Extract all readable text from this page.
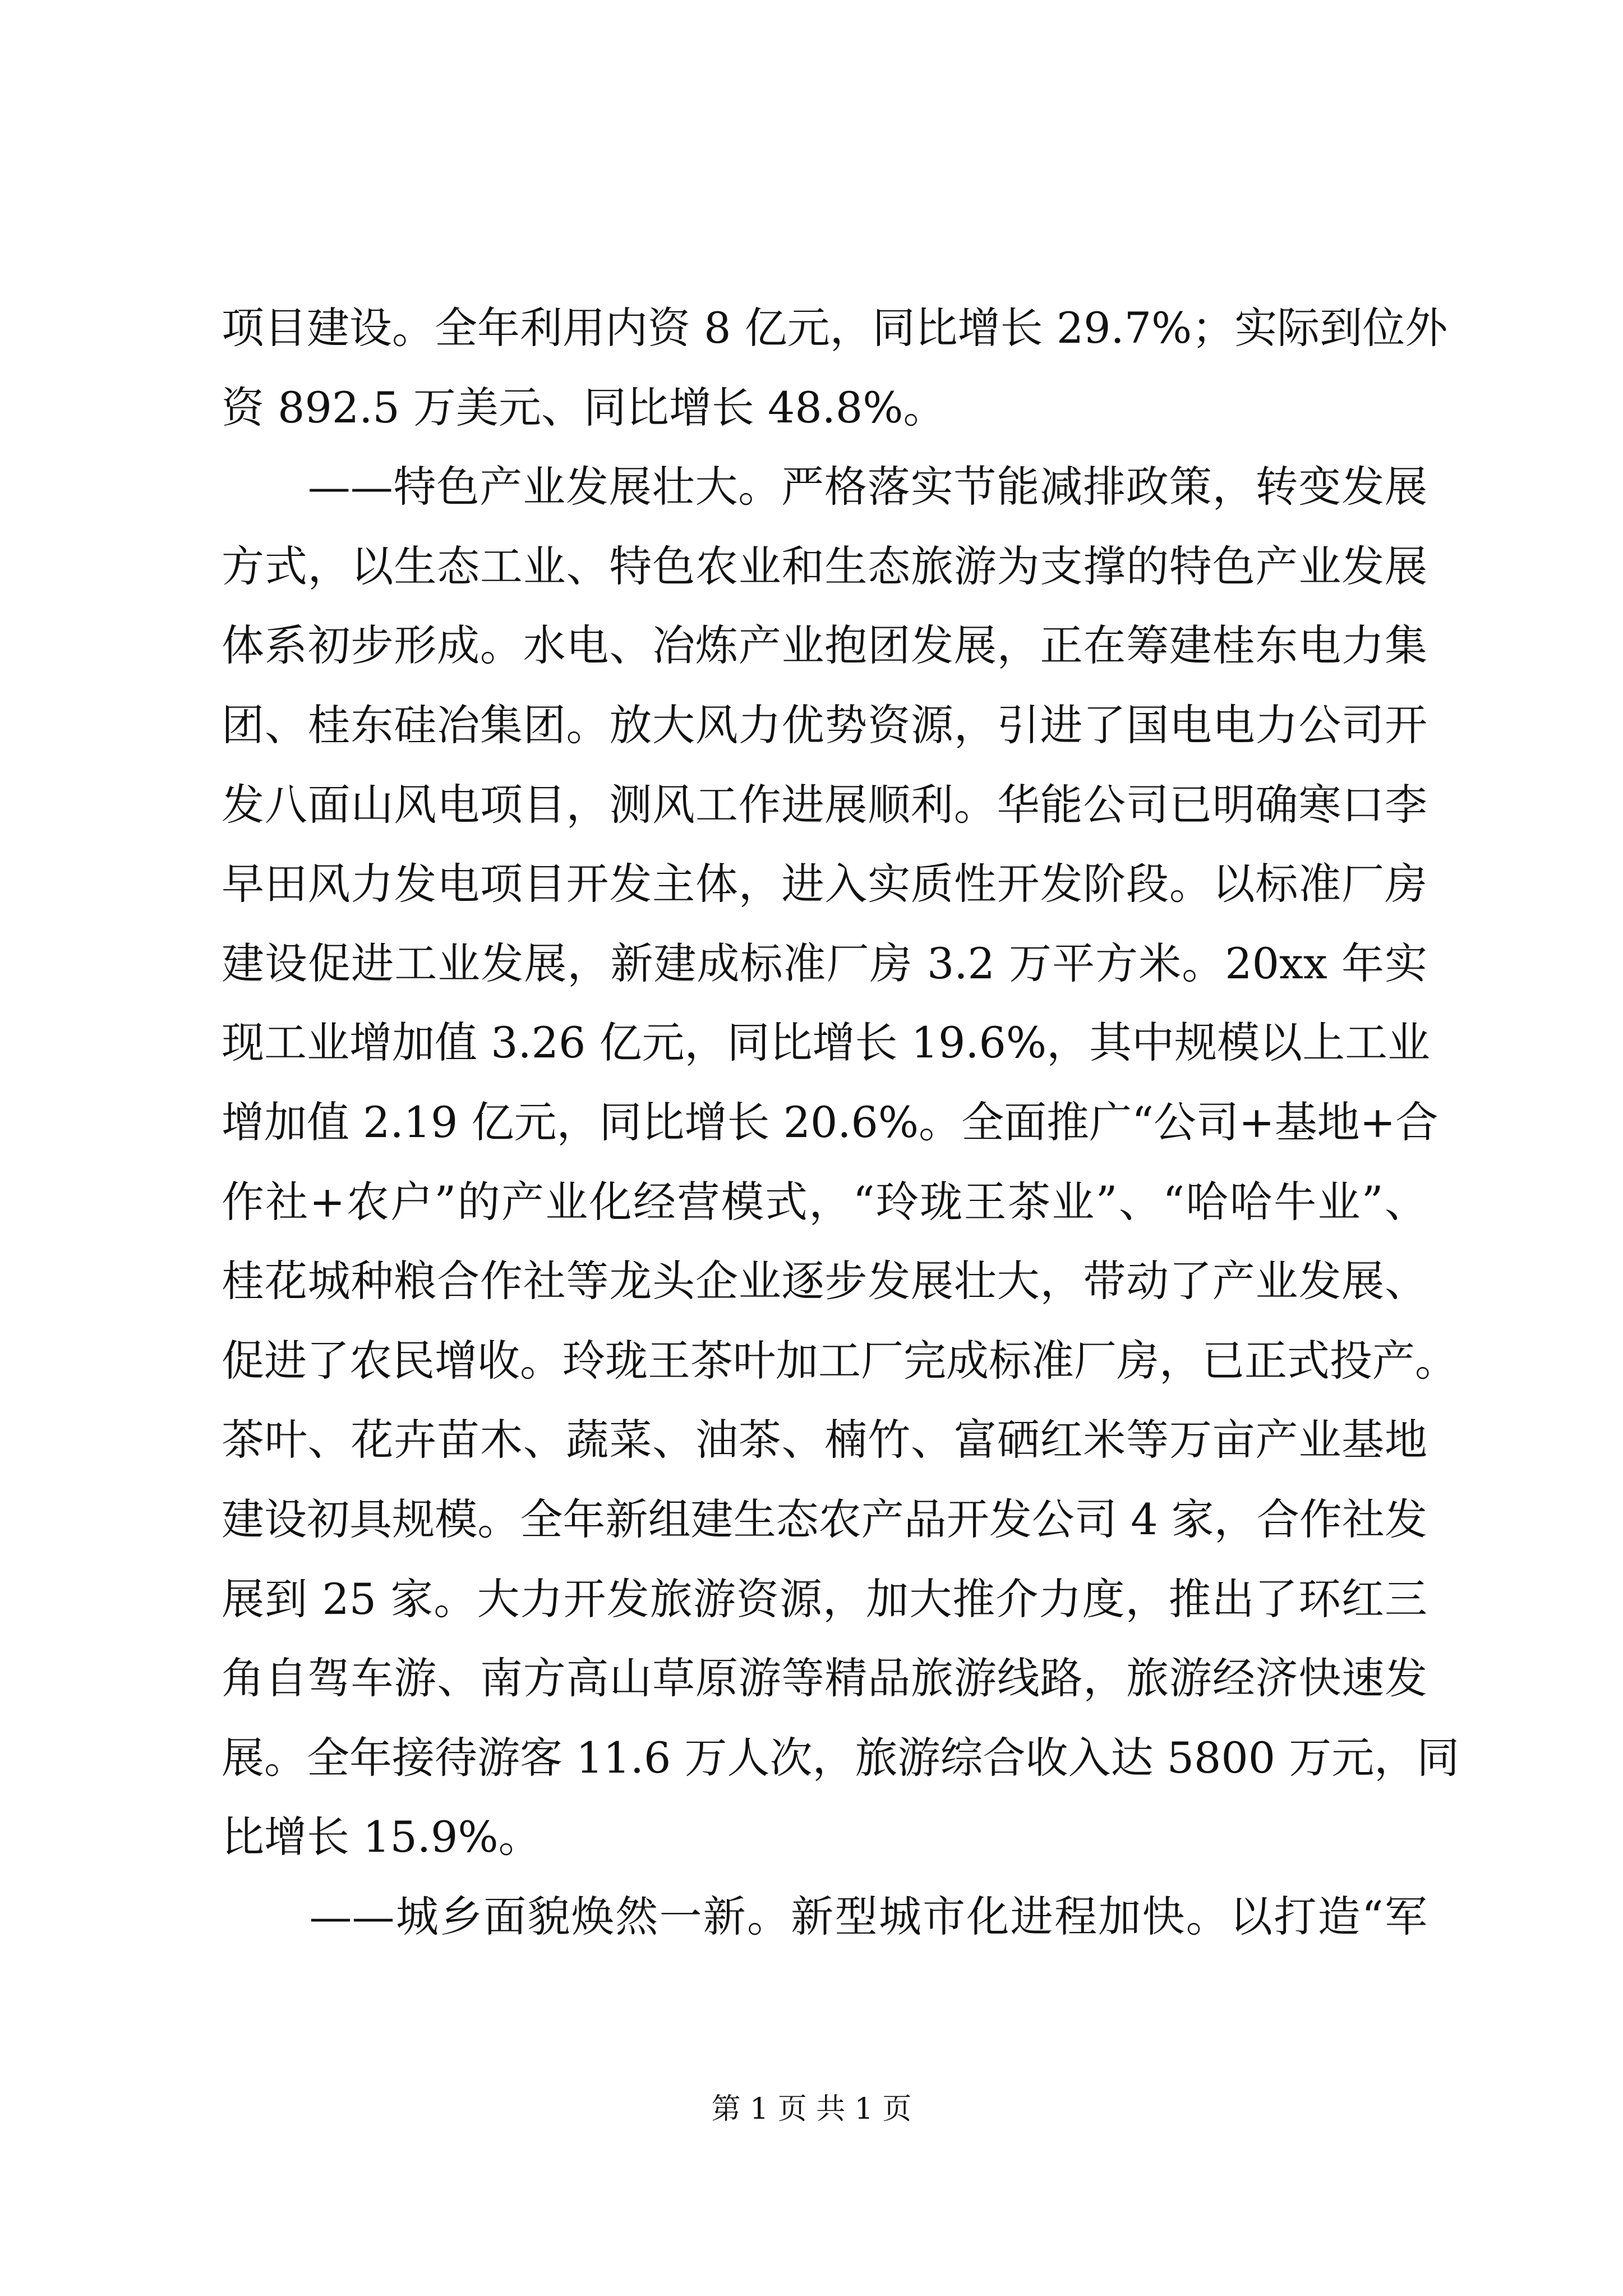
项目建设。全年利用内资 8 亿元，同比增长 29.7%；实际到位外
资 892.5 万美元、同比增长 48.8%。
　　——特色产业发展壮大。严格落实节能减排政策，转变发展
方式，以生态工业、特色农业和生态旅游为支撑的特色产业发展
体系初步形成。水电、冶炼产业抱团发展，正在筹建桂东电力集
团、桂东硅冶集团。放大风力优势资源，引进了国电电力公司开
发八面山风电项目，测风工作进展顺利。华能公司已明确寒口李
早田风力发电项目开发主体，进入实质性开发阶段。以标准厂房
建设促进工业发展，新建成标准厂房 3.2 万平方米。20xx 年实
现工业增加值 3.26 亿元，同比增长 19.6%，其中规模以上工业
增加值 2.19 亿元，同比增长 20.6%。全面推广“公司+基地+合
作社+农户”的产业化经营模式，“玲珑王茶业”、“哈哈牛业”、
桂花城种粮合作社等龙头企业逐步发展壮大，带动了产业发展、
促进了农民增收。玲珑王茶叶加工厂完成标准厂房，已正式投产。
茶叶、花卉苗木、蔬菜、油茶、楠竹、富硒红米等万亩产业基地
建设初具规模。全年新组建生态农产品开发公司 4 家，合作社发
展到 25 家。大力开发旅游资源，加大推介力度，推出了环红三
角自驾车游、南方高山草原游等精品旅游线路，旅游经济快速发
展。全年接待游客 11.6 万人次，旅游综合收入达 5800 万元，同
比增长 15.9%。
　　——城乡面貌焕然一新。新型城市化进程加快。以打造“军
第 1 页 共 1 页
